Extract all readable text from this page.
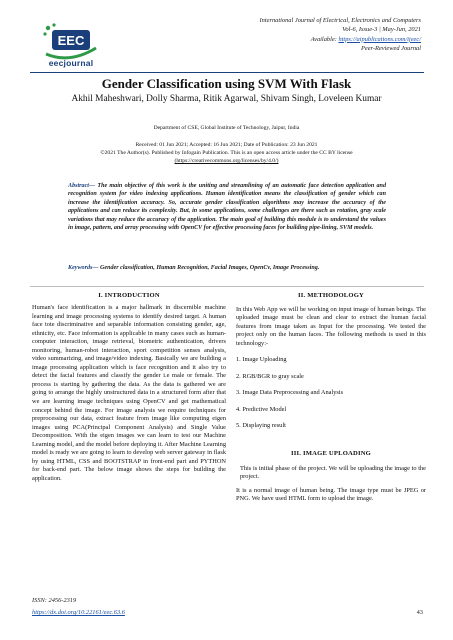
EEC
eecjournal
International Journal of Electrical, Electronics and Computers
Vol-6, Issue-3 | May-Jun, 2021
Available: https://aipublications.com/ijeec/
Peer-Reviewed Journal
Gender Classification using SVM With Flask
Akhil Maheshwari, Dolly Sharma, Ritik Agarwal, Shivam Singh, Loveleen Kumar
Department of CSE, Global Institute of Technology, Jaipur, India
Received: 01 Jun 2021; Accepted: 16 Jun 2021; Date of Publication: 23 Jun 2021
©2021 The Author(s). Published by Infogain Publication. This is an open access article under the CC BY license
(https://creativecommons.org/licenses/by/4.0/)
Abstract— The main objective of this work is the uniting and streamlining of an automatic face detection application and recognition system for video indexing applications. Human identification means the classification of gender which can increase the identification accuracy. So, accurate gender classification algorithms may increase the accuracy of the applications and can reduce its complexity. But, in some applications, some challenges are there such as rotation, gray scale variations that may reduce the accuracy of the application. The main goal of building this module is to understand the values in image, pattern, and array processing with OpenCV for effective processing faces for building pipe-lining, SVM models.
Keywords— Gender classification, Human Recognition, Facial Images, OpenCv, Image Processing.
I. INTRODUCTION

Human's face identification is a major hallmark in discernible machine learning and image processing systems to identify desired target. A human face tote discriminative and separable information consisting gender, age, ethnicity, etc. Face information is applicable in many cases such as human-computer interaction, image retrieval, biometric authentication, drivers monitoring, human-robot interaction, sport competition senses analysis, video summarizing, and image/video indexing. Basically we are building a image processing application which is face recognition and it also try to detect the facial features and classify the gender i.e male or female. The process is starting by gathering the data. As the data is gathered we are going to arrange the highly unstructured data in a structured form after that we are learning image techniques using OpenCV and get mathematical concept behind the image. For image analysis we require techniques for preprocessing our data, extract feature from image like computing eigen images using PCA(Principal Component Analysis) and Single Value Decomposition. With the eigen images we can learn to test our Machine Learning model, and the model before deploying it. After Machine Learning model is ready we are going to learn to develop web server gateway in flask by using HTML, CSS and BOOTSTRAP in front-end part and PYTHON for back-end part. The below image shows the steps for building the application.

II. METHODOLOGY

In this Web App we will be working on input image of human beings. The uploaded image must be clean and clear to extract the human facial features from image taken as Input for the processing. We tested the project only on the human faces. The following methods is used in this technology:-

1. Image Uploading
2. RGB/BGR to gray scale
3. Image Data Preprocessing and Analysis
4. Predictive Model
5. Displaying result
III. IMAGE UPLOADING

This is initial phase of the project. We will be uploading the image to the project.

It is a normal image of human being. The image type must be JPEG or PNG. We have used HTML form to upload the image.

ISSN: 2456-2319
https://dx.doi.org/10.22161/eec.63.6	43
